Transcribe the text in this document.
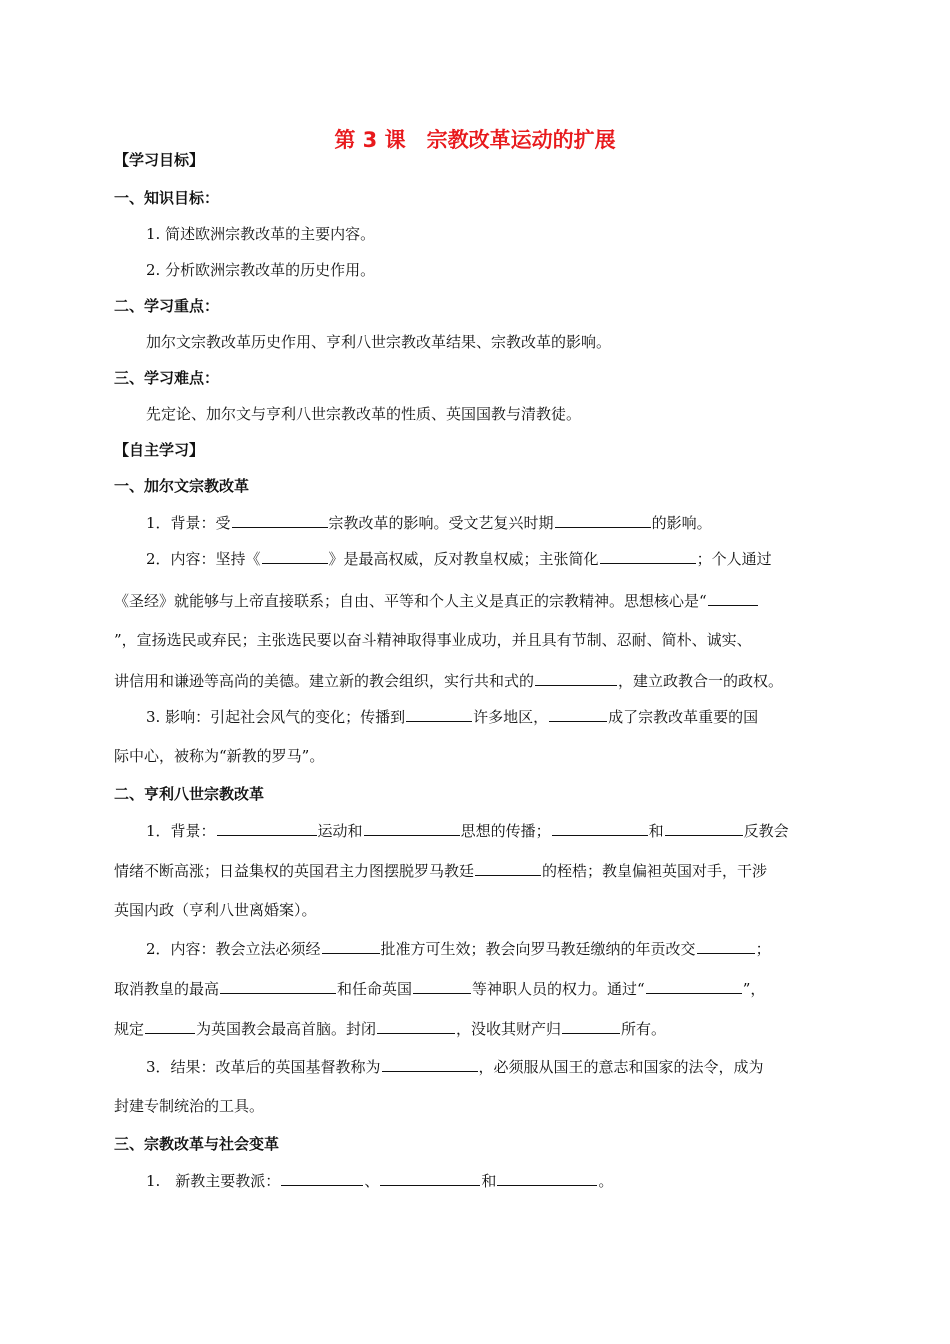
第 3 课　宗教改革运动的扩展
【学习目标】
一、知识目标：
1. 简述欧洲宗教改革的主要内容。
2. 分析欧洲宗教改革的历史作用。
二、学习重点：
加尔文宗教改革历史作用、亨利八世宗教改革结果、宗教改革的影响。
三、学习难点：
先定论、加尔文与亨利八世宗教改革的性质、英国国教与清教徒。
【自主学习】
一、加尔文宗教改革
1．背景：受	宗教改革的影响。受文艺复兴时期	的影响。
2．内容：坚持《	》是最高权威，反对教皇权威；主张简化	；个人通过
《圣经》就能够与上帝直接联系；自由、平等和个人主义是真正的宗教精神。思想核心是“
”，宣扬选民或弃民；主张选民要以奋斗精神取得事业成功，并且具有节制、忍耐、简朴、诚实、
讲信用和谦逊等高尚的美德。建立新的教会组织，实行共和式的	，建立政教合一的政权。
3. 影响：引起社会风气的变化；传播到	许多地区，	成了宗教改革重要的国
际中心，被称为“新教的罗马”。
二、亨利八世宗教改革
1．背景：	运动和	思想的传播；	和	反教会
情绪不断高涨；日益集权的英国君主力图摆脱罗马教廷	的桎梏；教皇偏袒英国对手，干涉
英国内政（亨利八世离婚案）。
2．内容：教会立法必须经	批准方可生效；教会向罗马教廷缴纳的年贡改交	；
取消教皇的最高	和任命英国	等神职人员的权力。通过“	”，
规定	为英国教会最高首脑。封闭	，没收其财产归	所有。
3．结果：改革后的英国基督教称为	，必须服从国王的意志和国家的法令，成为
封建专制统治的工具。
三、宗教改革与社会变革
1.　新教主要教派：	、	和	。
